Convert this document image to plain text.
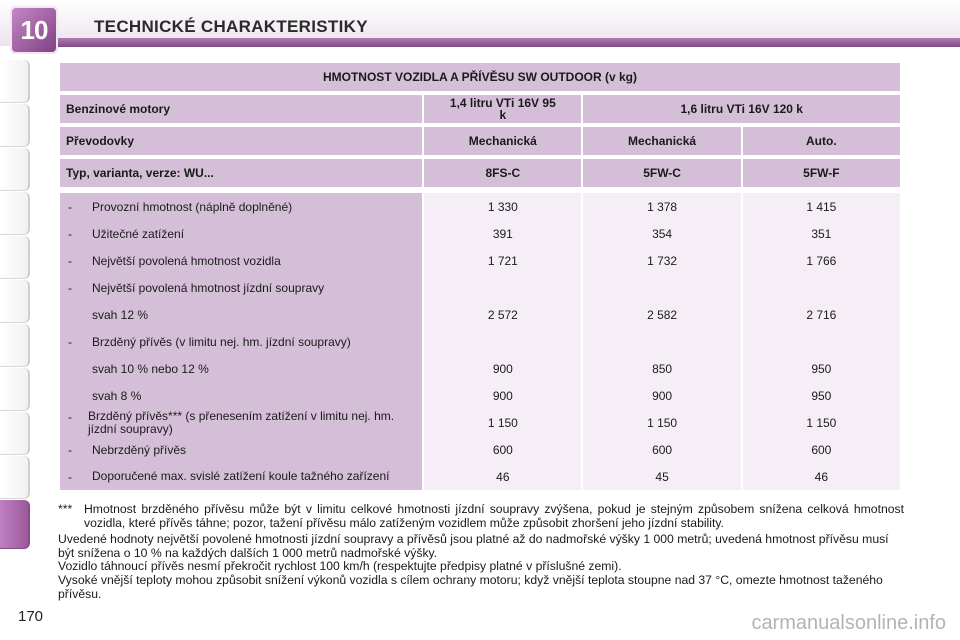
10	TECHNICKÉ CHARAKTERISTIKY
HMOTNOST VOZIDLA A PŘÍVĚSU SW OUTDOOR (v kg)			

Benzinové motory	1,4 litru VTi 16V 95 k	1,6 litru VTi 16V 120 k	

Převodovky	Mechanická	Mechanická	Auto.

Typ, varianta, verze: WU...	8FS-C	5FW-C	5FW-F

- Provozní hmotnost (náplně doplněné)	1 330	1 378	1 415

- Užitečné zatížení	391	354	351

- Největší povolená hmotnost vozidla	1 721	1 732	1 766

- Největší povolená hmotnost jízdní soupravy			

svah 12 %	2 572	2 582	2 716

- Brzděný přívěs (v limitu nej. hm. jízdní soupravy)			

svah 10 % nebo 12 %	900	850	950

svah 8 %	900	900	950

- Brzděný přívěs*** (s přenesením zatížení v limitu nej. hm. jízdní soupravy)	1 150	1 150	1 150

- Nebrzděný přívěs	600	600	600

- Doporučené max. svislé zatížení koule tažného zařízení	46	45	46
*** Hmotnost brzděného přívěsu může být v limitu celkové hmotnosti jízdní soupravy zvýšena, pokud je stejným způsobem snížena celková hmotnost vozidla, které přívěs táhne; pozor, tažení přívěsu málo zatíženým vozidlem může způsobit zhoršení jeho jízdní stability.
Uvedené hodnoty největší povolené hmotnosti jízdní soupravy a přívěsů jsou platné až do nadmořské výšky 1 000 metrů; uvedená hmotnost přívěsu musí být snížena o 10 % na každých dalších 1 000 metrů nadmořské výšky.
Vozidlo táhnoucí přívěs nesmí překročit rychlost 100 km/h (respektujte předpisy platné v příslušné zemi).
Vysoké vnější teploty mohou způsobit snížení výkonů vozidla s cílem ochrany motoru; když vnější teplota stoupne nad 37 °C, omezte hmotnost taženého přívěsu.
170	carmanualsonline.info
